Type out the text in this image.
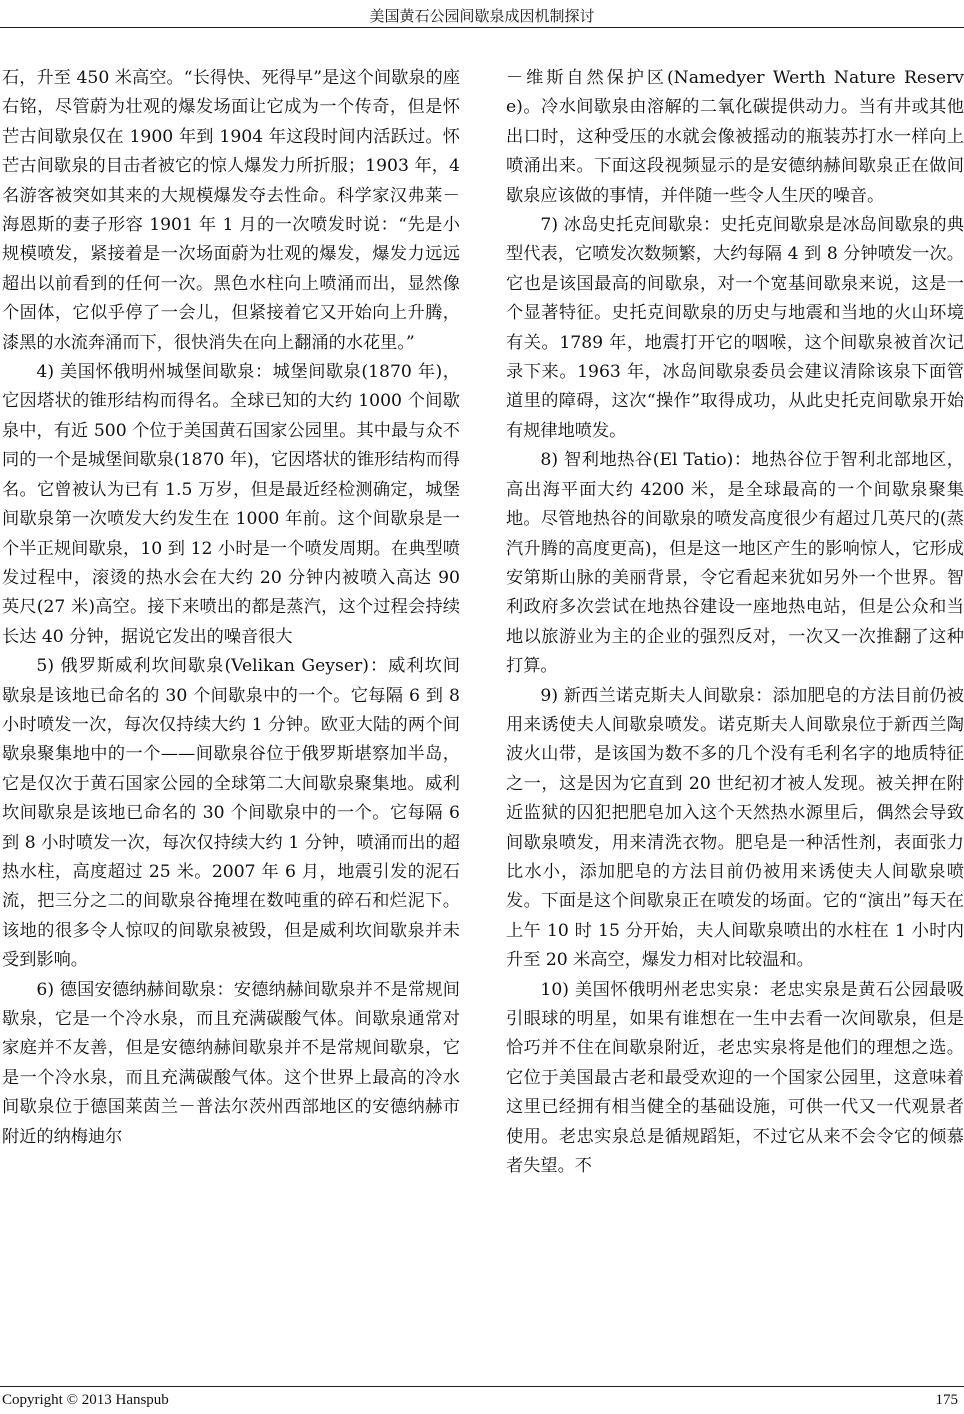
美国黄石公园间歇泉成因机制探讨

石，升至 450 米高空。“长得快、死得早”是这个间歇泉的座右铭，尽管蔚为壮观的爆发场面让它成为一个传奇，但是怀芒古间歇泉仅在 1900 年到 1904 年这段时间内活跃过。怀芒古间歇泉的目击者被它的惊人爆发力所折服；1903 年，4 名游客被突如其来的大规模爆发夺去性命。科学家汉弗莱－海恩斯的妻子形容 1901 年 1 月的一次喷发时说：“先是小规模喷发，紧接着是一次场面蔚为壮观的爆发，爆发力远远超出以前看到的任何一次。黑色水柱向上喷涌而出，显然像个固体，它似乎停了一会儿，但紧接着它又开始向上升腾，漆黑的水流奔涌而下，很快消失在向上翻涌的水花里。”

4) 美国怀俄明州城堡间歇泉：城堡间歇泉(1870 年)，它因塔状的锥形结构而得名。全球已知的大约 1000 个间歇泉中，有近 500 个位于美国黄石国家公园里。其中最与众不同的一个是城堡间歇泉(1870 年)，它因塔状的锥形结构而得名。它曾被认为已有 1.5 万岁，但是最近经检测确定，城堡间歇泉第一次喷发大约发生在 1000 年前。这个间歇泉是一个半正规间歇泉，10 到 12 小时是一个喷发周期。在典型喷发过程中，滚烫的热水会在大约 20 分钟内被喷入高达 90 英尺(27 米)高空。接下来喷出的都是蒸汽，这个过程会持续长达 40 分钟，据说它发出的噪音很大

5) 俄罗斯威利坎间歇泉(Velikan Geyser)：威利坎间歇泉是该地已命名的 30 个间歇泉中的一个。它每隔 6 到 8 小时喷发一次，每次仅持续大约 1 分钟。欧亚大陆的两个间歇泉聚集地中的一个——间歇泉谷位于俄罗斯堪察加半岛，它是仅次于黄石国家公园的全球第二大间歇泉聚集地。威利坎间歇泉是该地已命名的 30 个间歇泉中的一个。它每隔 6 到 8 小时喷发一次，每次仅持续大约 1 分钟，喷涌而出的超热水柱，高度超过 25 米。2007 年 6 月，地震引发的泥石流，把三分之二的间歇泉谷掩埋在数吨重的碎石和烂泥下。该地的很多令人惊叹的间歇泉被毁，但是威利坎间歇泉并未受到影响。

6) 德国安德纳赫间歇泉：安德纳赫间歇泉并不是常规间歇泉，它是一个冷水泉，而且充满碳酸气体。间歇泉通常对家庭并不友善，但是安德纳赫间歇泉并不是常规间歇泉，它是一个冷水泉，而且充满碳酸气体。这个世界上最高的冷水间歇泉位于德国莱茵兰－普法尔茨州西部地区的安德纳赫市附近的纳梅迪尔

－维斯自然保护区(Namedyer Werth Nature Reserve)。冷水间歇泉由溶解的二氧化碳提供动力。当有井或其他出口时，这种受压的水就会像被摇动的瓶装苏打水一样向上喷涌出来。下面这段视频显示的是安德纳赫间歇泉正在做间歇泉应该做的事情，并伴随一些令人生厌的噪音。

7) 冰岛史托克间歇泉：史托克间歇泉是冰岛间歇泉的典型代表，它喷发次数频繁，大约每隔 4 到 8 分钟喷发一次。它也是该国最高的间歇泉，对一个宽基间歇泉来说，这是一个显著特征。史托克间歇泉的历史与地震和当地的火山环境有关。1789 年，地震打开它的咽喉，这个间歇泉被首次记录下来。1963 年，冰岛间歇泉委员会建议清除该泉下面管道里的障碍，这次“操作”取得成功，从此史托克间歇泉开始有规律地喷发。

8) 智利地热谷(El Tatio)：地热谷位于智利北部地区，高出海平面大约 4200 米，是全球最高的一个间歇泉聚集地。尽管地热谷的间歇泉的喷发高度很少有超过几英尺的(蒸汽升腾的高度更高)，但是这一地区产生的影响惊人，它形成安第斯山脉的美丽背景，令它看起来犹如另外一个世界。智利政府多次尝试在地热谷建设一座地热电站，但是公众和当地以旅游业为主的企业的强烈反对，一次又一次推翻了这种打算。

9) 新西兰诺克斯夫人间歇泉：添加肥皂的方法目前仍被用来诱使夫人间歇泉喷发。诺克斯夫人间歇泉位于新西兰陶波火山带，是该国为数不多的几个没有毛利名字的地质特征之一，这是因为它直到 20 世纪初才被人发现。被关押在附近监狱的囚犯把肥皂加入这个天然热水源里后，偶然会导致间歇泉喷发，用来清洗衣物。肥皂是一种活性剂，表面张力比水小，添加肥皂的方法目前仍被用来诱使夫人间歇泉喷发。下面是这个间歇泉正在喷发的场面。它的“演出”每天在上午 10 时 15 分开始，夫人间歇泉喷出的水柱在 1 小时内升至 20 米高空，爆发力相对比较温和。

10) 美国怀俄明州老忠实泉：老忠实泉是黄石公园最吸引眼球的明星，如果有谁想在一生中去看一次间歇泉，但是恰巧并不住在间歇泉附近，老忠实泉将是他们的理想之选。它位于美国最古老和最受欢迎的一个国家公园里，这意味着这里已经拥有相当健全的基础设施，可供一代又一代观景者使用。老忠实泉总是循规蹈矩，不过它从来不会令它的倾慕者失望。不

Copyright © 2013 Hanspub	175
